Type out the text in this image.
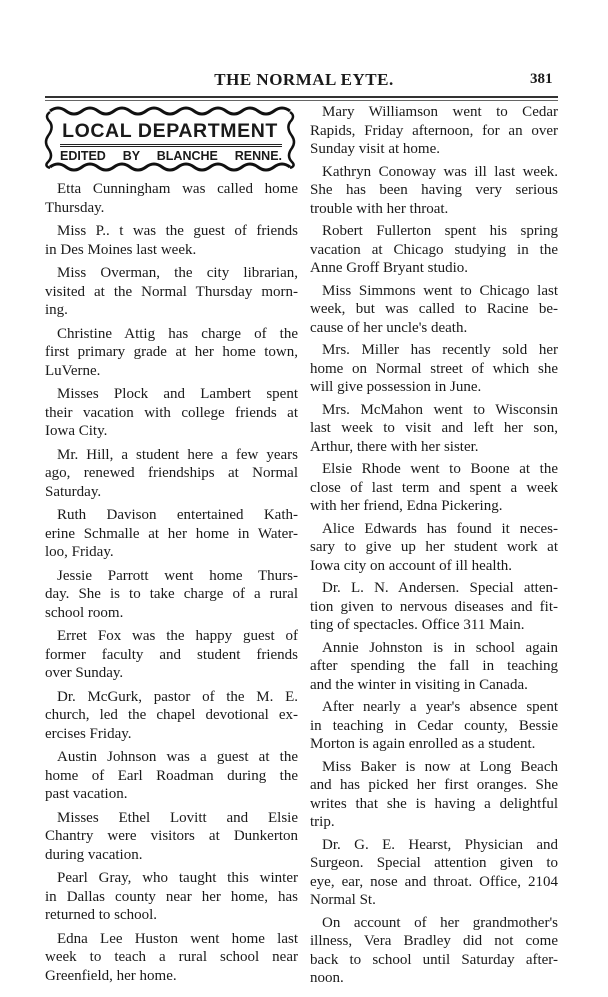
THE NORMAL EYTE.	381
LOCAL DEPARTMENT
EDITED BY BLANCHE RENNE.
Etta Cunningham was called home
Thursday.
Miss P.. t was the guest of friends
in Des Moines last week.
Miss Overman, the city librarian,
visited at the Normal Thursday morn-
ing.
Christine Attig has charge of the
first primary grade at her home town,
LuVerne.
Misses Plock and Lambert spent
their vacation with college friends at
Iowa City.
Mr. Hill, a student here a few years
ago, renewed friendships at Normal
Saturday.
Ruth Davison entertained Kath-
erine Schmalle at her home in Water-
loo, Friday.
Jessie Parrott went home Thurs-
day. She is to take charge of a rural
school room.
Erret Fox was the happy guest of
former faculty and student friends
over Sunday.
Dr. McGurk, pastor of the M. E.
church, led the chapel devotional ex-
ercises Friday.
Austin Johnson was a guest at the
home of Earl Roadman during the
past vacation.
Misses Ethel Lovitt and Elsie
Chantry were visitors at Dunkerton
during vacation.
Pearl Gray, who taught this winter
in Dallas county near her home, has
returned to school.
Edna Lee Huston went home last
week to teach a rural school near
Greenfield, her home.
Mary Williamson went to Cedar
Rapids, Friday afternoon, for an over
Sunday visit at home.
Kathryn Conoway was ill last week.
She has been having very serious
trouble with her throat.
Robert Fullerton spent his spring
vacation at Chicago studying in the
Anne Groff Bryant studio.
Miss Simmons went to Chicago last
week, but was called to Racine be-
cause of her uncle's death.
Mrs. Miller has recently sold her
home on Normal street of which she
will give possession in June.
Mrs. McMahon went to Wisconsin
last week to visit and left her son,
Arthur, there with her sister.
Elsie Rhode went to Boone at the
close of last term and spent a week
with her friend, Edna Pickering.
Alice Edwards has found it neces-
sary to give up her student work at
Iowa city on account of ill health.
Dr. L. N. Andersen. Special atten-
tion given to nervous diseases and fit-
ting of spectacles. Office 311 Main.
Annie Johnston is in school again
after spending the fall in teaching
and the winter in visiting in Canada.
After nearly a year's absence spent
in teaching in Cedar county, Bessie
Morton is again enrolled as a student.
Miss Baker is now at Long Beach
and has picked her first oranges. She
writes that she is having a delightful
trip.
Dr. G. E. Hearst, Physician and
Surgeon. Special attention given to
eye, ear, nose and throat. Office, 2104
Normal St.
On account of her grandmother's
illness, Vera Bradley did not come
back to school until Saturday after-
noon.
